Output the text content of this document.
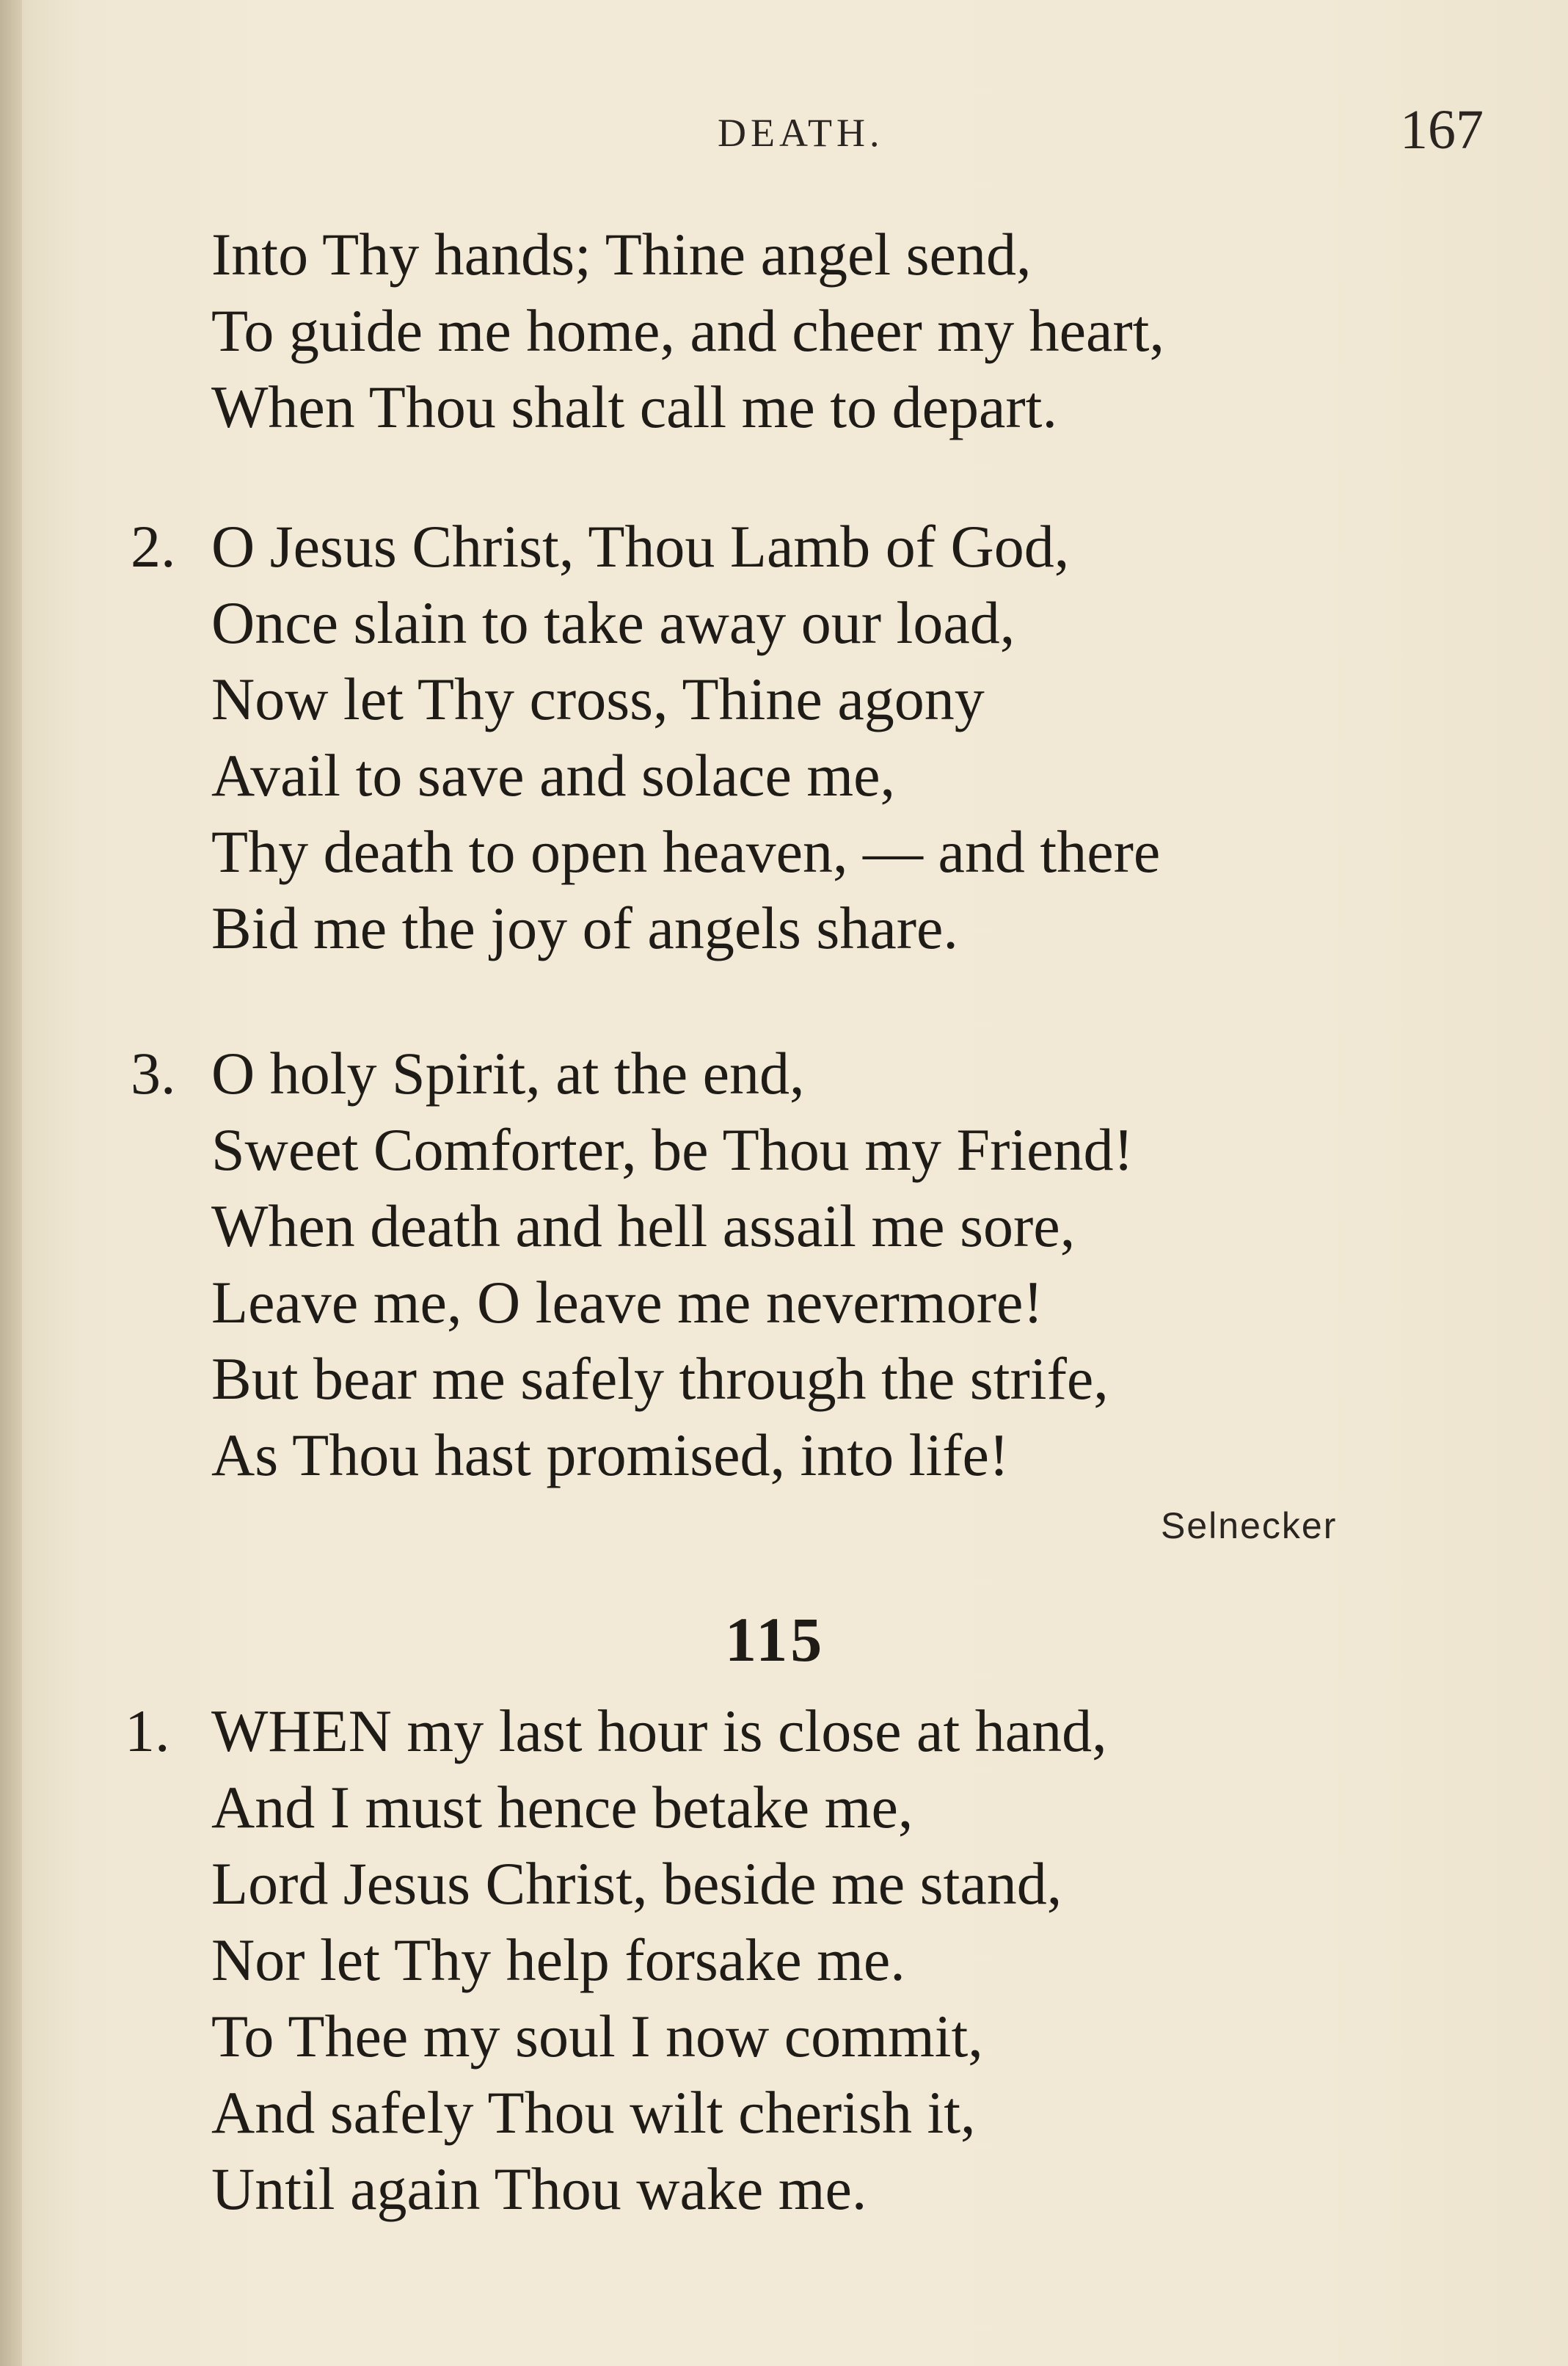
DEATH.	167
Into Thy hands; Thine angel send,
To guide me home, and cheer my heart,
When Thou shalt call me to depart.
2. O Jesus Christ, Thou Lamb of God,
Once slain to take away our load,
Now let Thy cross, Thine agony
Avail to save and solace me,
Thy death to open heaven, — and there
Bid me the joy of angels share.
3. O holy Spirit, at the end,
Sweet Comforter, be Thou my Friend!
When death and hell assail me sore,
Leave me, O leave me nevermore!
But bear me safely through the strife,
As Thou hast promised, into life!
Selnecker
115
1. WHEN my last hour is close at hand,
And I must hence betake me,
Lord Jesus Christ, beside me stand,
Nor let Thy help forsake me.
To Thee my soul I now commit,
And safely Thou wilt cherish it,
Until again Thou wake me.
